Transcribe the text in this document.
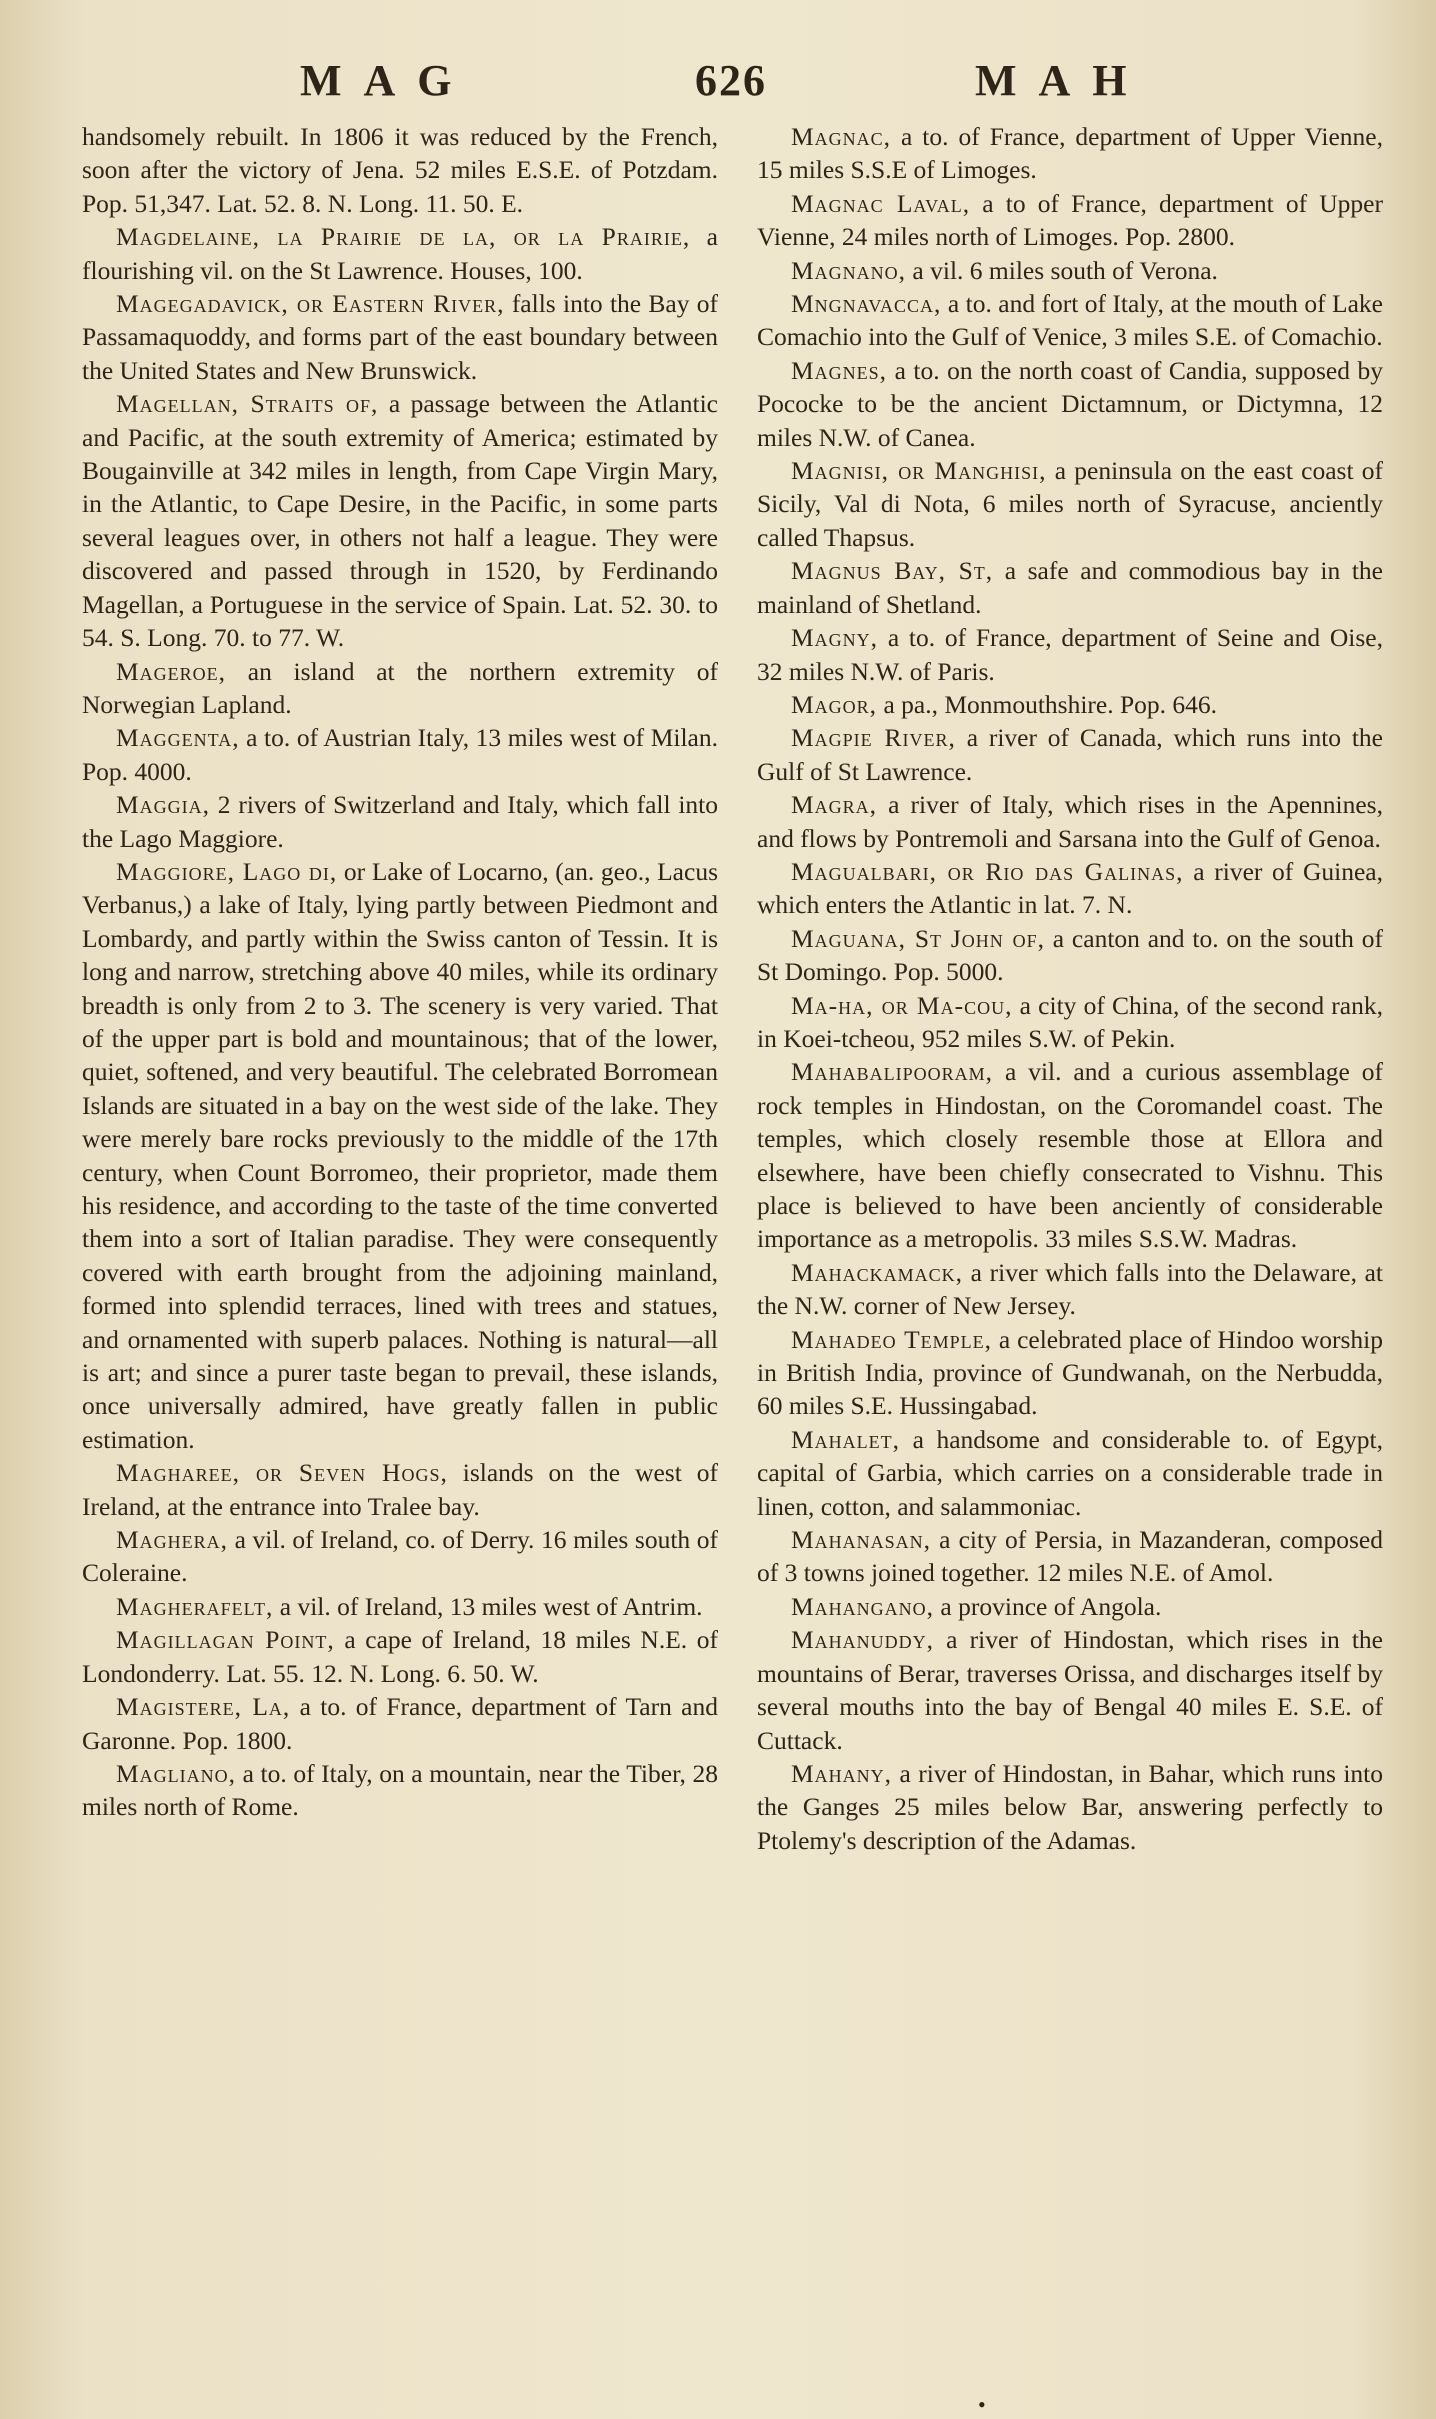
MAG	626	MAH

handsomely rebuilt. In 1806 it was reduced by the French, soon after the victory of Jena. 52 miles E.S.E. of Potzdam. Pop. 51,347. Lat. 52. 8. N. Long. 11. 50. E.

Magdelaine, la Prairie de la, or la Prairie, a flourishing vil. on the St Lawrence. Houses, 100.

Magegadavick, or Eastern River, falls into the Bay of Passamaquoddy, and forms part of the east boundary between the United States and New Brunswick.

Magellan, Straits of, a passage between the Atlantic and Pacific, at the south extremity of America; estimated by Bougainville at 342 miles in length, from Cape Virgin Mary, in the Atlantic, to Cape Desire, in the Pacific, in some parts several leagues over, in others not half a league. They were discovered and passed through in 1520, by Ferdinando Magellan, a Portuguese in the service of Spain. Lat. 52. 30. to 54. S. Long. 70. to 77. W.

Mageroe, an island at the northern extremity of Norwegian Lapland.

Maggenta, a to. of Austrian Italy, 13 miles west of Milan. Pop. 4000.

Maggia, 2 rivers of Switzerland and Italy, which fall into the Lago Maggiore.

Maggiore, Lago di, or Lake of Locarno, (an. geo., Lacus Verbanus,) a lake of Italy, lying partly between Piedmont and Lombardy, and partly within the Swiss canton of Tessin. It is long and narrow, stretching above 40 miles, while its ordinary breadth is only from 2 to 3. The scenery is very varied. That of the upper part is bold and mountainous; that of the lower, quiet, softened, and very beautiful. The celebrated Borromean Islands are situated in a bay on the west side of the lake. They were merely bare rocks previously to the middle of the 17th century, when Count Borromeo, their proprietor, made them his residence, and according to the taste of the time converted them into a sort of Italian paradise. They were consequently covered with earth brought from the adjoining mainland, formed into splendid terraces, lined with trees and statues, and ornamented with superb palaces. Nothing is natural—all is art; and since a purer taste began to prevail, these islands, once universally admired, have greatly fallen in public estimation.

Magharee, or Seven Hogs, islands on the west of Ireland, at the entrance into Tralee bay.

Maghera, a vil. of Ireland, co. of Derry. 16 miles south of Coleraine.

Magherafelt, a vil. of Ireland, 13 miles west of Antrim.

Magillagan Point, a cape of Ireland, 18 miles N.E. of Londonderry. Lat. 55. 12. N. Long. 6. 50. W.

Magistere, La, a to. of France, department of Tarn and Garonne. Pop. 1800.

Magliano, a to. of Italy, on a mountain, near the Tiber, 28 miles north of Rome.

Magnac, a to. of France, department of Upper Vienne, 15 miles S.S.E of Limoges.

Magnac Laval, a to of France, department of Upper Vienne, 24 miles north of Limoges. Pop. 2800.

Magnano, a vil. 6 miles south of Verona.

Mngnavacca, a to. and fort of Italy, at the mouth of Lake Comachio into the Gulf of Venice, 3 miles S.E. of Comachio.

Magnes, a to. on the north coast of Candia, supposed by Pococke to be the ancient Dictamnum, or Dictymna, 12 miles N.W. of Canea.

Magnisi, or Manghisi, a peninsula on the east coast of Sicily, Val di Nota, 6 miles north of Syracuse, anciently called Thapsus.

Magnus Bay, St, a safe and commodious bay in the mainland of Shetland.

Magny, a to. of France, department of Seine and Oise, 32 miles N.W. of Paris.

Magor, a pa., Monmouthshire. Pop. 646.

Magpie River, a river of Canada, which runs into the Gulf of St Lawrence.

Magra, a river of Italy, which rises in the Apennines, and flows by Pontremoli and Sarsana into the Gulf of Genoa.

Magualbari, or Rio das Galinas, a river of Guinea, which enters the Atlantic in lat. 7. N.

Maguana, St John of, a canton and to. on the south of St Domingo. Pop. 5000.

Ma-ha, or Ma-cou, a city of China, of the second rank, in Koei-tcheou, 952 miles S.W. of Pekin.

Mahabalipooram, a vil. and a curious assemblage of rock temples in Hindostan, on the Coromandel coast. The temples, which closely resemble those at Ellora and elsewhere, have been chiefly consecrated to Vishnu. This place is believed to have been anciently of considerable importance as a metropolis. 33 miles S.S.W. Madras.

Mahackamack, a river which falls into the Delaware, at the N.W. corner of New Jersey.

Mahadeo Temple, a celebrated place of Hindoo worship in British India, province of Gundwanah, on the Nerbudda, 60 miles S.E. Hussingabad.

Mahalet, a handsome and considerable to. of Egypt, capital of Garbia, which carries on a considerable trade in linen, cotton, and salammoniac.

Mahanasan, a city of Persia, in Mazanderan, composed of 3 towns joined together. 12 miles N.E. of Amol.

Mahangano, a province of Angola.

Mahanuddy, a river of Hindostan, which rises in the mountains of Berar, traverses Orissa, and discharges itself by several mouths into the bay of Bengal 40 miles E. S.E. of Cuttack.

Mahany, a river of Hindostan, in Bahar, which runs into the Ganges 25 miles below Bar, answering perfectly to Ptolemy's description of the Adamas.

•
